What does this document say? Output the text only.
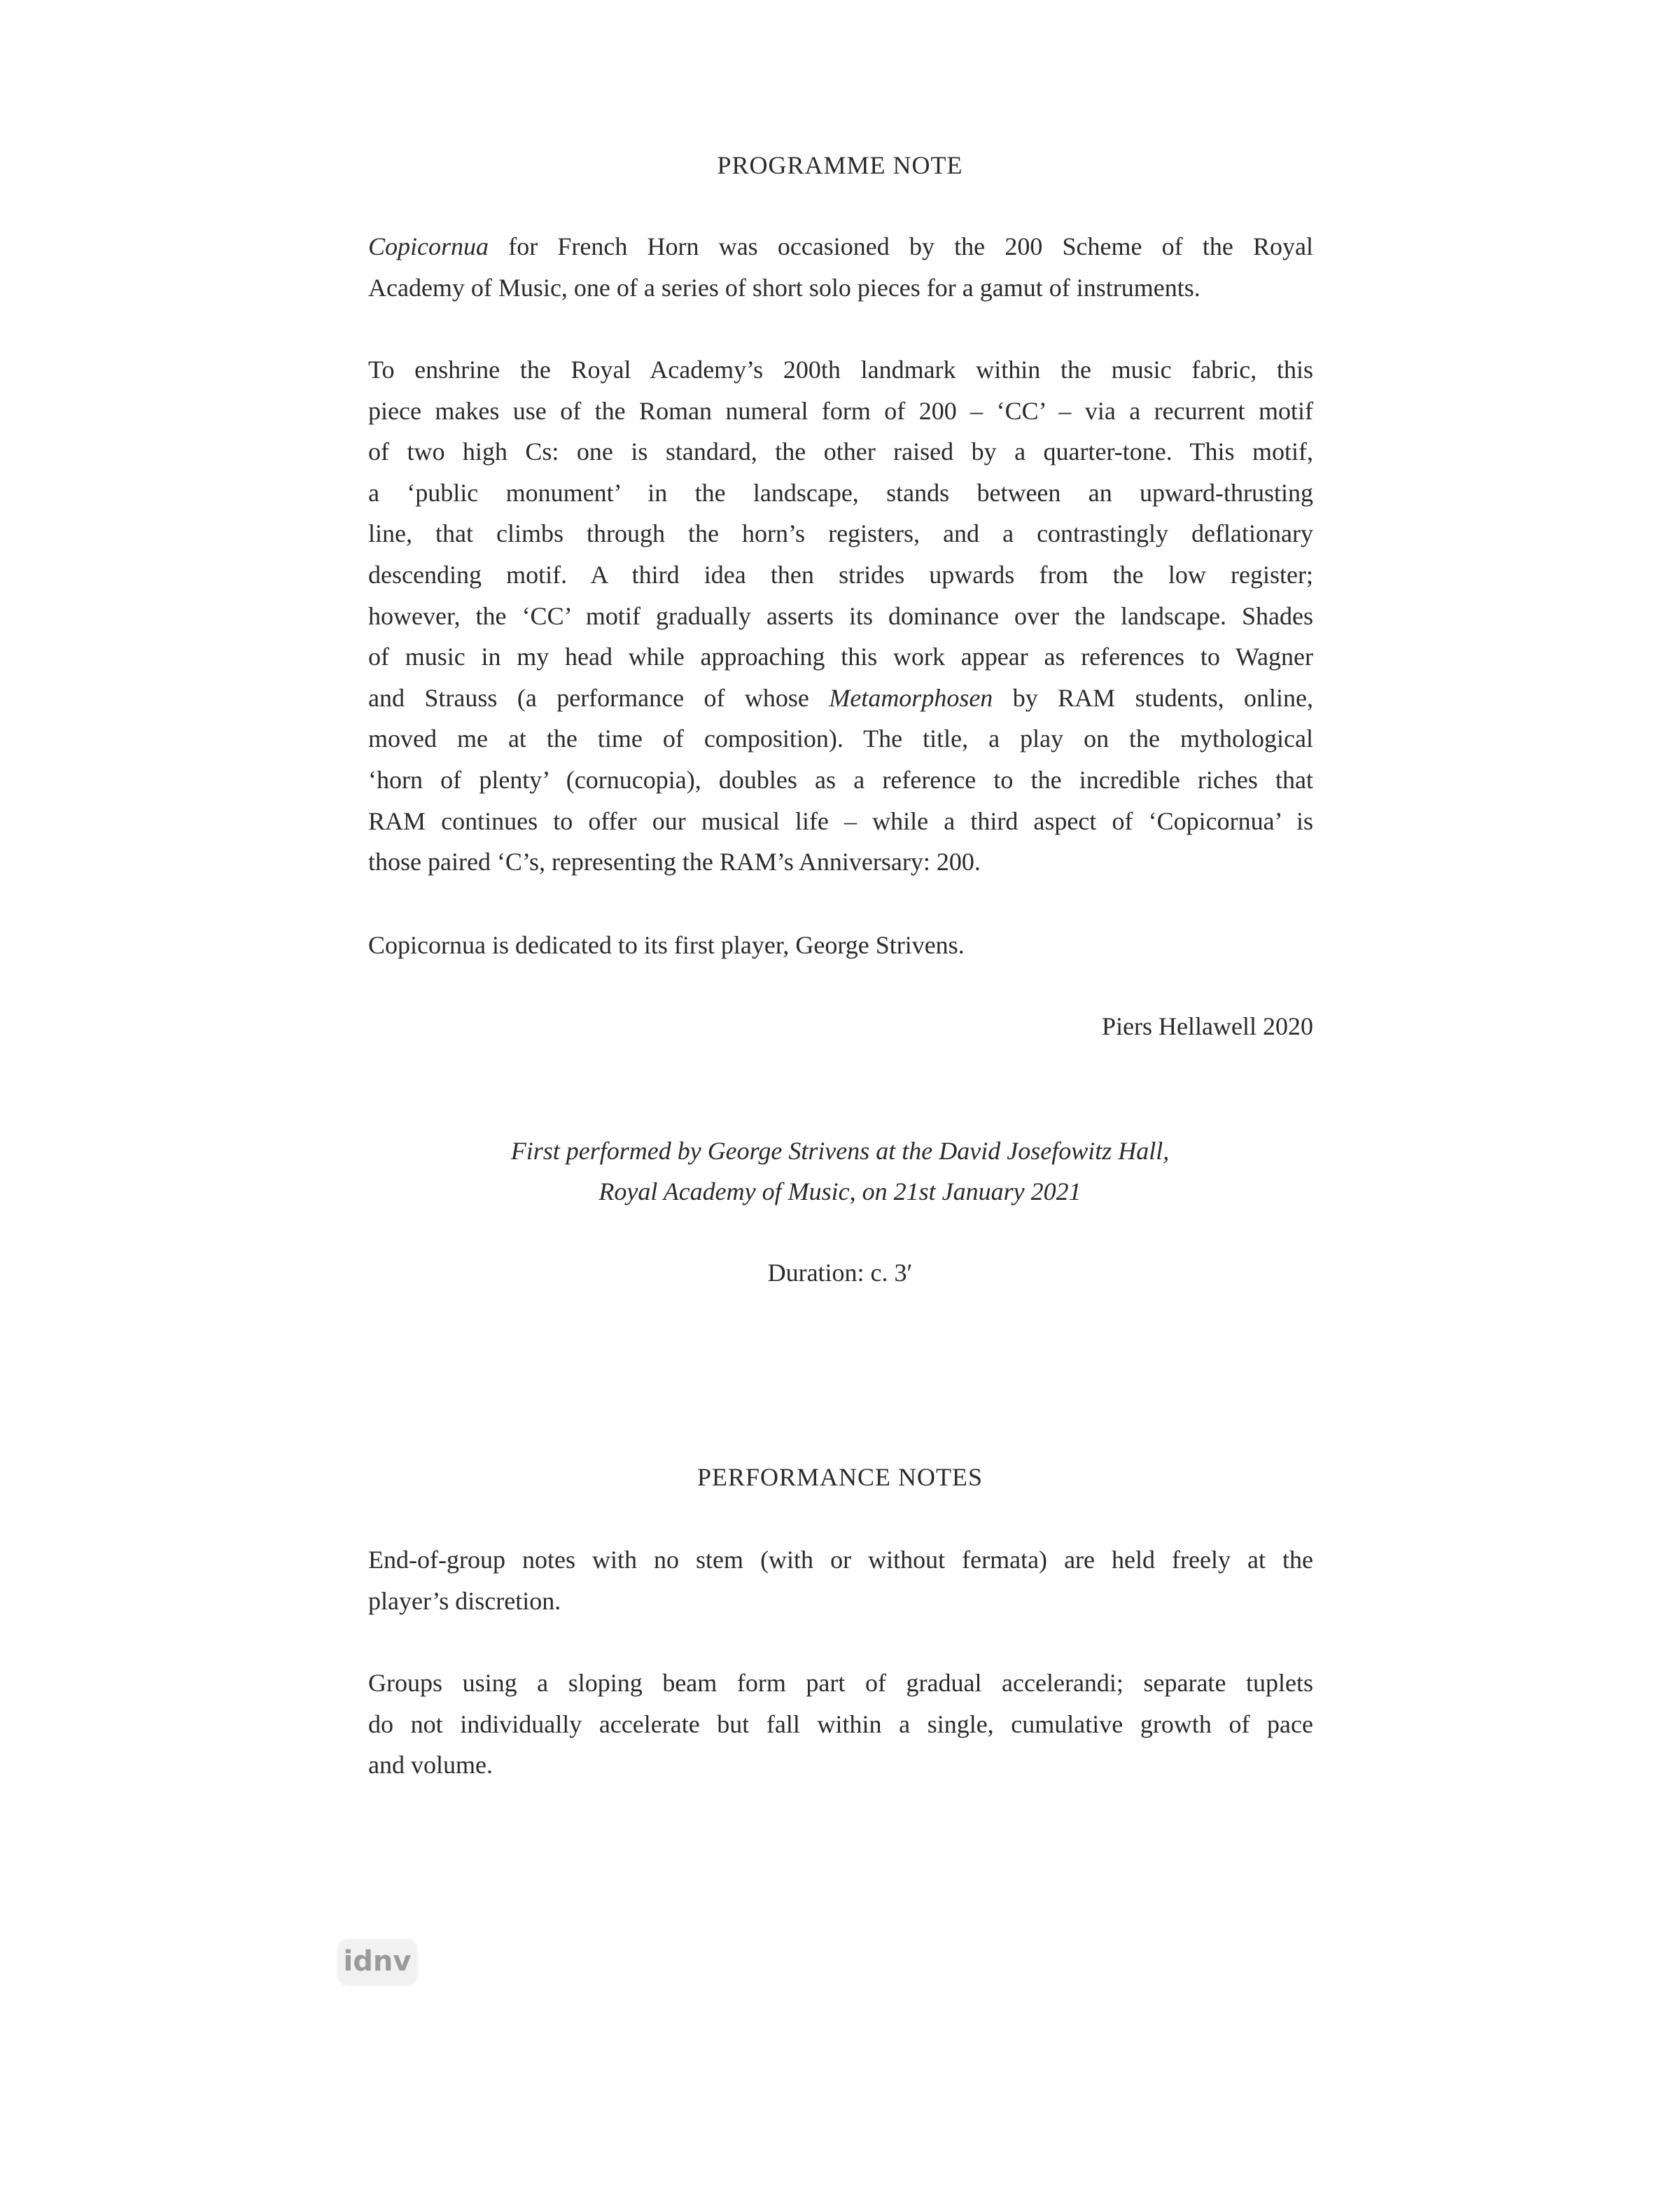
PROGRAMME NOTE
Copicornua for French Horn was occasioned by the 200 Scheme of the Royal
Academy of Music, one of a series of short solo pieces for a gamut of instruments.
To enshrine the Royal Academy’s 200th landmark within the music fabric, this
piece makes use of the Roman numeral form of 200 – ‘CC’ – via a recurrent motif
of two high Cs: one is standard, the other raised by a quarter-tone. This motif,
a ‘public monument’ in the landscape, stands between an upward-thrusting
line, that climbs through the horn’s registers, and a contrastingly deflationary
descending motif. A third idea then strides upwards from the low register;
however, the ‘CC’ motif gradually asserts its dominance over the landscape. Shades
of music in my head while approaching this work appear as references to Wagner
and Strauss (a performance of whose Metamorphosen by RAM students, online,
moved me at the time of composition). The title, a play on the mythological
‘horn of plenty’ (cornucopia), doubles as a reference to the incredible riches that
RAM continues to offer our musical life – while a third aspect of ‘Copicornua’ is
those paired ‘C’s, representing the RAM’s Anniversary: 200.
Copicornua is dedicated to its first player, George Strivens.
Piers Hellawell 2020
First performed by George Strivens at the David Josefowitz Hall,
Royal Academy of Music, on 21st January 2021
Duration: c. 3′
PERFORMANCE NOTES
End-of-group notes with no stem (with or without fermata) are held freely at the
player’s discretion.
Groups using a sloping beam form part of gradual accelerandi; separate tuplets
do not individually accelerate but fall within a single, cumulative growth of pace
and volume.
idnv
